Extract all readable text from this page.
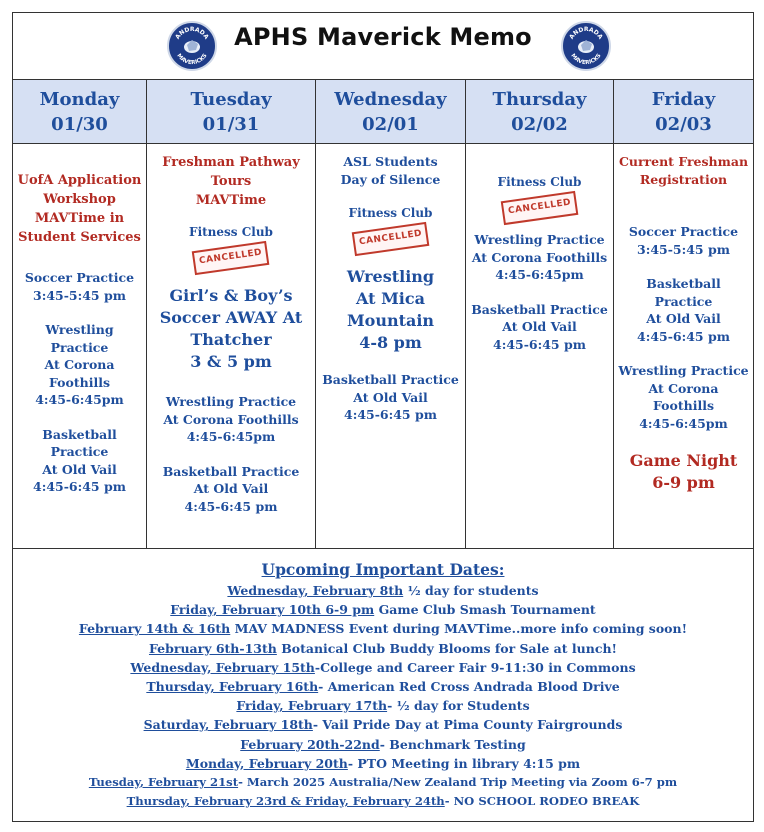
ANDRADA
MAVERICKS
APHS Maverick Memo	ANDRADA
MAVERICKS
Monday
01/30
Tuesday
01/31
Wednesday
02/01
Thursday
02/02
Friday
02/03
UofA Application
Workshop
MAVTime in
Student Services
Soccer Practice
3:45-5:45 pm
Wrestling Practice
At Corona
Foothills
4:45-6:45pm
Basketball
Practice
At Old Vail
4:45-6:45 pm
Freshman Pathway
Tours
MAVTime
Fitness Club
CANCELLED
Girl’s & Boy’s
Soccer AWAY At
Thatcher
3 & 5 pm
Wrestling Practice
At Corona Foothills
4:45-6:45pm
Basketball Practice
At Old Vail
4:45-6:45 pm
ASL Students
Day of Silence
Fitness Club
CANCELLED
Wrestling
At Mica
Mountain
4-8 pm
Basketball Practice
At Old Vail
4:45-6:45 pm
Fitness Club
CANCELLED
Wrestling Practice
At Corona Foothills
4:45-6:45pm
Basketball Practice
At Old Vail
4:45-6:45 pm
Current Freshman
Registration
Soccer Practice
3:45-5:45 pm
Basketball Practice
At Old Vail
4:45-6:45 pm
Wrestling Practice
At Corona Foothills
4:45-6:45pm
Game Night
6-9 pm
Upcoming Important Dates:
Wednesday, February 8th ½ day for students
Friday, February 10th 6-9 pm Game Club Smash Tournament
February 14th & 16th MAV MADNESS Event during MAVTime..more info coming soon!
February 6th-13th Botanical Club Buddy Blooms for Sale at lunch!
Wednesday, February 15th-College and Career Fair 9-11:30 in Commons
Thursday, February 16th- American Red Cross Andrada Blood Drive
Friday, February 17th- ½ day for Students
Saturday, February 18th- Vail Pride Day at Pima County Fairgrounds
February 20th-22nd- Benchmark Testing
Monday, February 20th- PTO Meeting in library 4:15 pm
Tuesday, February 21st- March 2025 Australia/New Zealand Trip Meeting via Zoom 6-7 pm
Thursday, February 23rd & Friday, February 24th- NO SCHOOL RODEO BREAK
